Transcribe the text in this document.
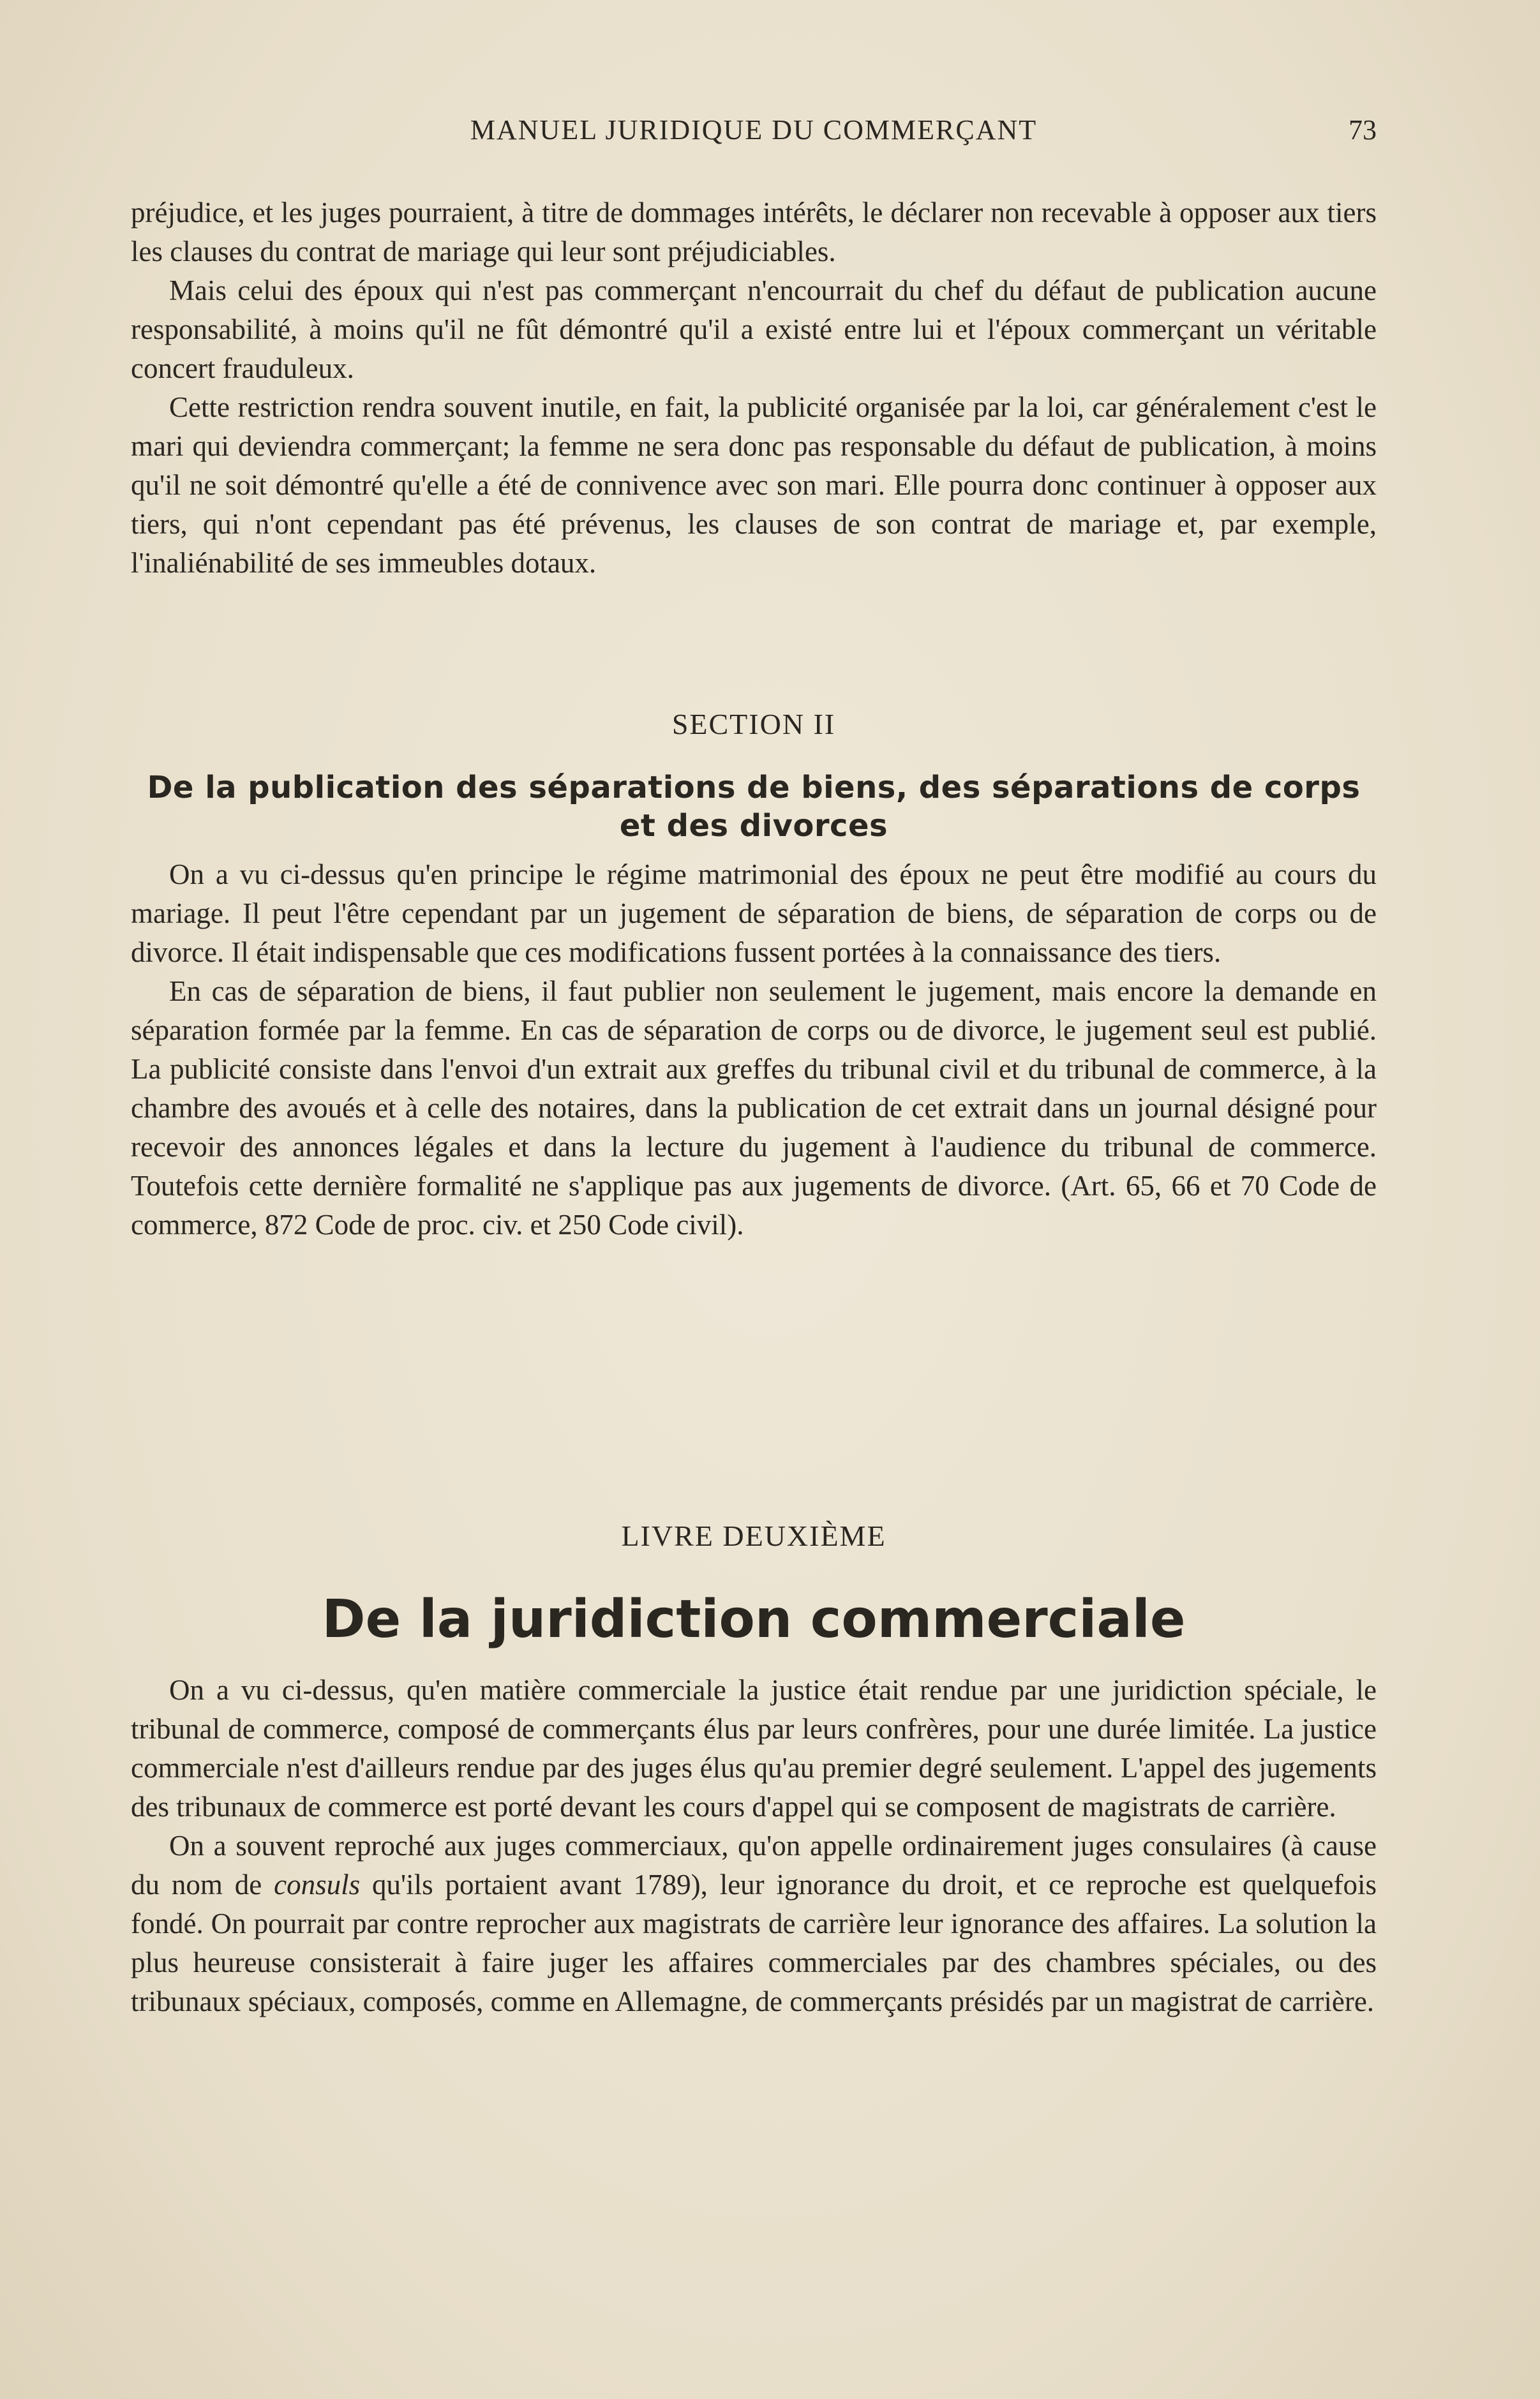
MANUEL JURIDIQUE DU COMMERÇANT	73

préjudice, et les juges pourraient, à titre de dommages intérêts, le déclarer non recevable à opposer aux tiers les clauses du contrat de mariage qui leur sont préjudiciables.

Mais celui des époux qui n'est pas commerçant n'encourrait du chef du défaut de publication aucune responsabilité, à moins qu'il ne fût démontré qu'il a existé entre lui et l'époux commerçant un véritable concert frauduleux.

Cette restriction rendra souvent inutile, en fait, la publicité organisée par la loi, car généralement c'est le mari qui deviendra commerçant; la femme ne sera donc pas responsable du défaut de publication, à moins qu'il ne soit démontré qu'elle a été de connivence avec son mari. Elle pourra donc continuer à opposer aux tiers, qui n'ont cependant pas été prévenus, les clauses de son contrat de mariage et, par exemple, l'inaliénabilité de ses immeubles dotaux.

SECTION II
De la publication des séparations de biens, des séparations de corps
et des divorces

On a vu ci-dessus qu'en principe le régime matrimonial des époux ne peut être modifié au cours du mariage. Il peut l'être cependant par un jugement de séparation de biens, de séparation de corps ou de divorce. Il était indispensable que ces modifications fussent portées à la connaissance des tiers.

En cas de séparation de biens, il faut publier non seulement le jugement, mais encore la demande en séparation formée par la femme. En cas de séparation de corps ou de divorce, le jugement seul est publié. La publicité consiste dans l'envoi d'un extrait aux greffes du tribunal civil et du tribunal de commerce, à la chambre des avoués et à celle des notaires, dans la publication de cet extrait dans un journal désigné pour recevoir des annonces légales et dans la lecture du jugement à l'audience du tribunal de commerce. Toutefois cette dernière formalité ne s'applique pas aux jugements de divorce. (Art. 65, 66 et 70 Code de commerce, 872 Code de proc. civ. et 250 Code civil).

LIVRE DEUXIÈME
De la juridiction commerciale

On a vu ci-dessus, qu'en matière commerciale la justice était rendue par une juridiction spéciale, le tribunal de commerce, composé de commerçants élus par leurs confrères, pour une durée limitée. La justice commerciale n'est d'ailleurs rendue par des juges élus qu'au premier degré seulement. L'appel des jugements des tribunaux de commerce est porté devant les cours d'appel qui se composent de magistrats de carrière.

On a souvent reproché aux juges commerciaux, qu'on appelle ordinairement juges consulaires (à cause du nom de consuls qu'ils portaient avant 1789), leur ignorance du droit, et ce reproche est quelquefois fondé. On pourrait par contre reprocher aux magistrats de carrière leur ignorance des affaires. La solution la plus heureuse consisterait à faire juger les affaires commerciales par des chambres spéciales, ou des tribunaux spéciaux, composés, comme en Allemagne, de commerçants présidés par un magistrat de carrière.
